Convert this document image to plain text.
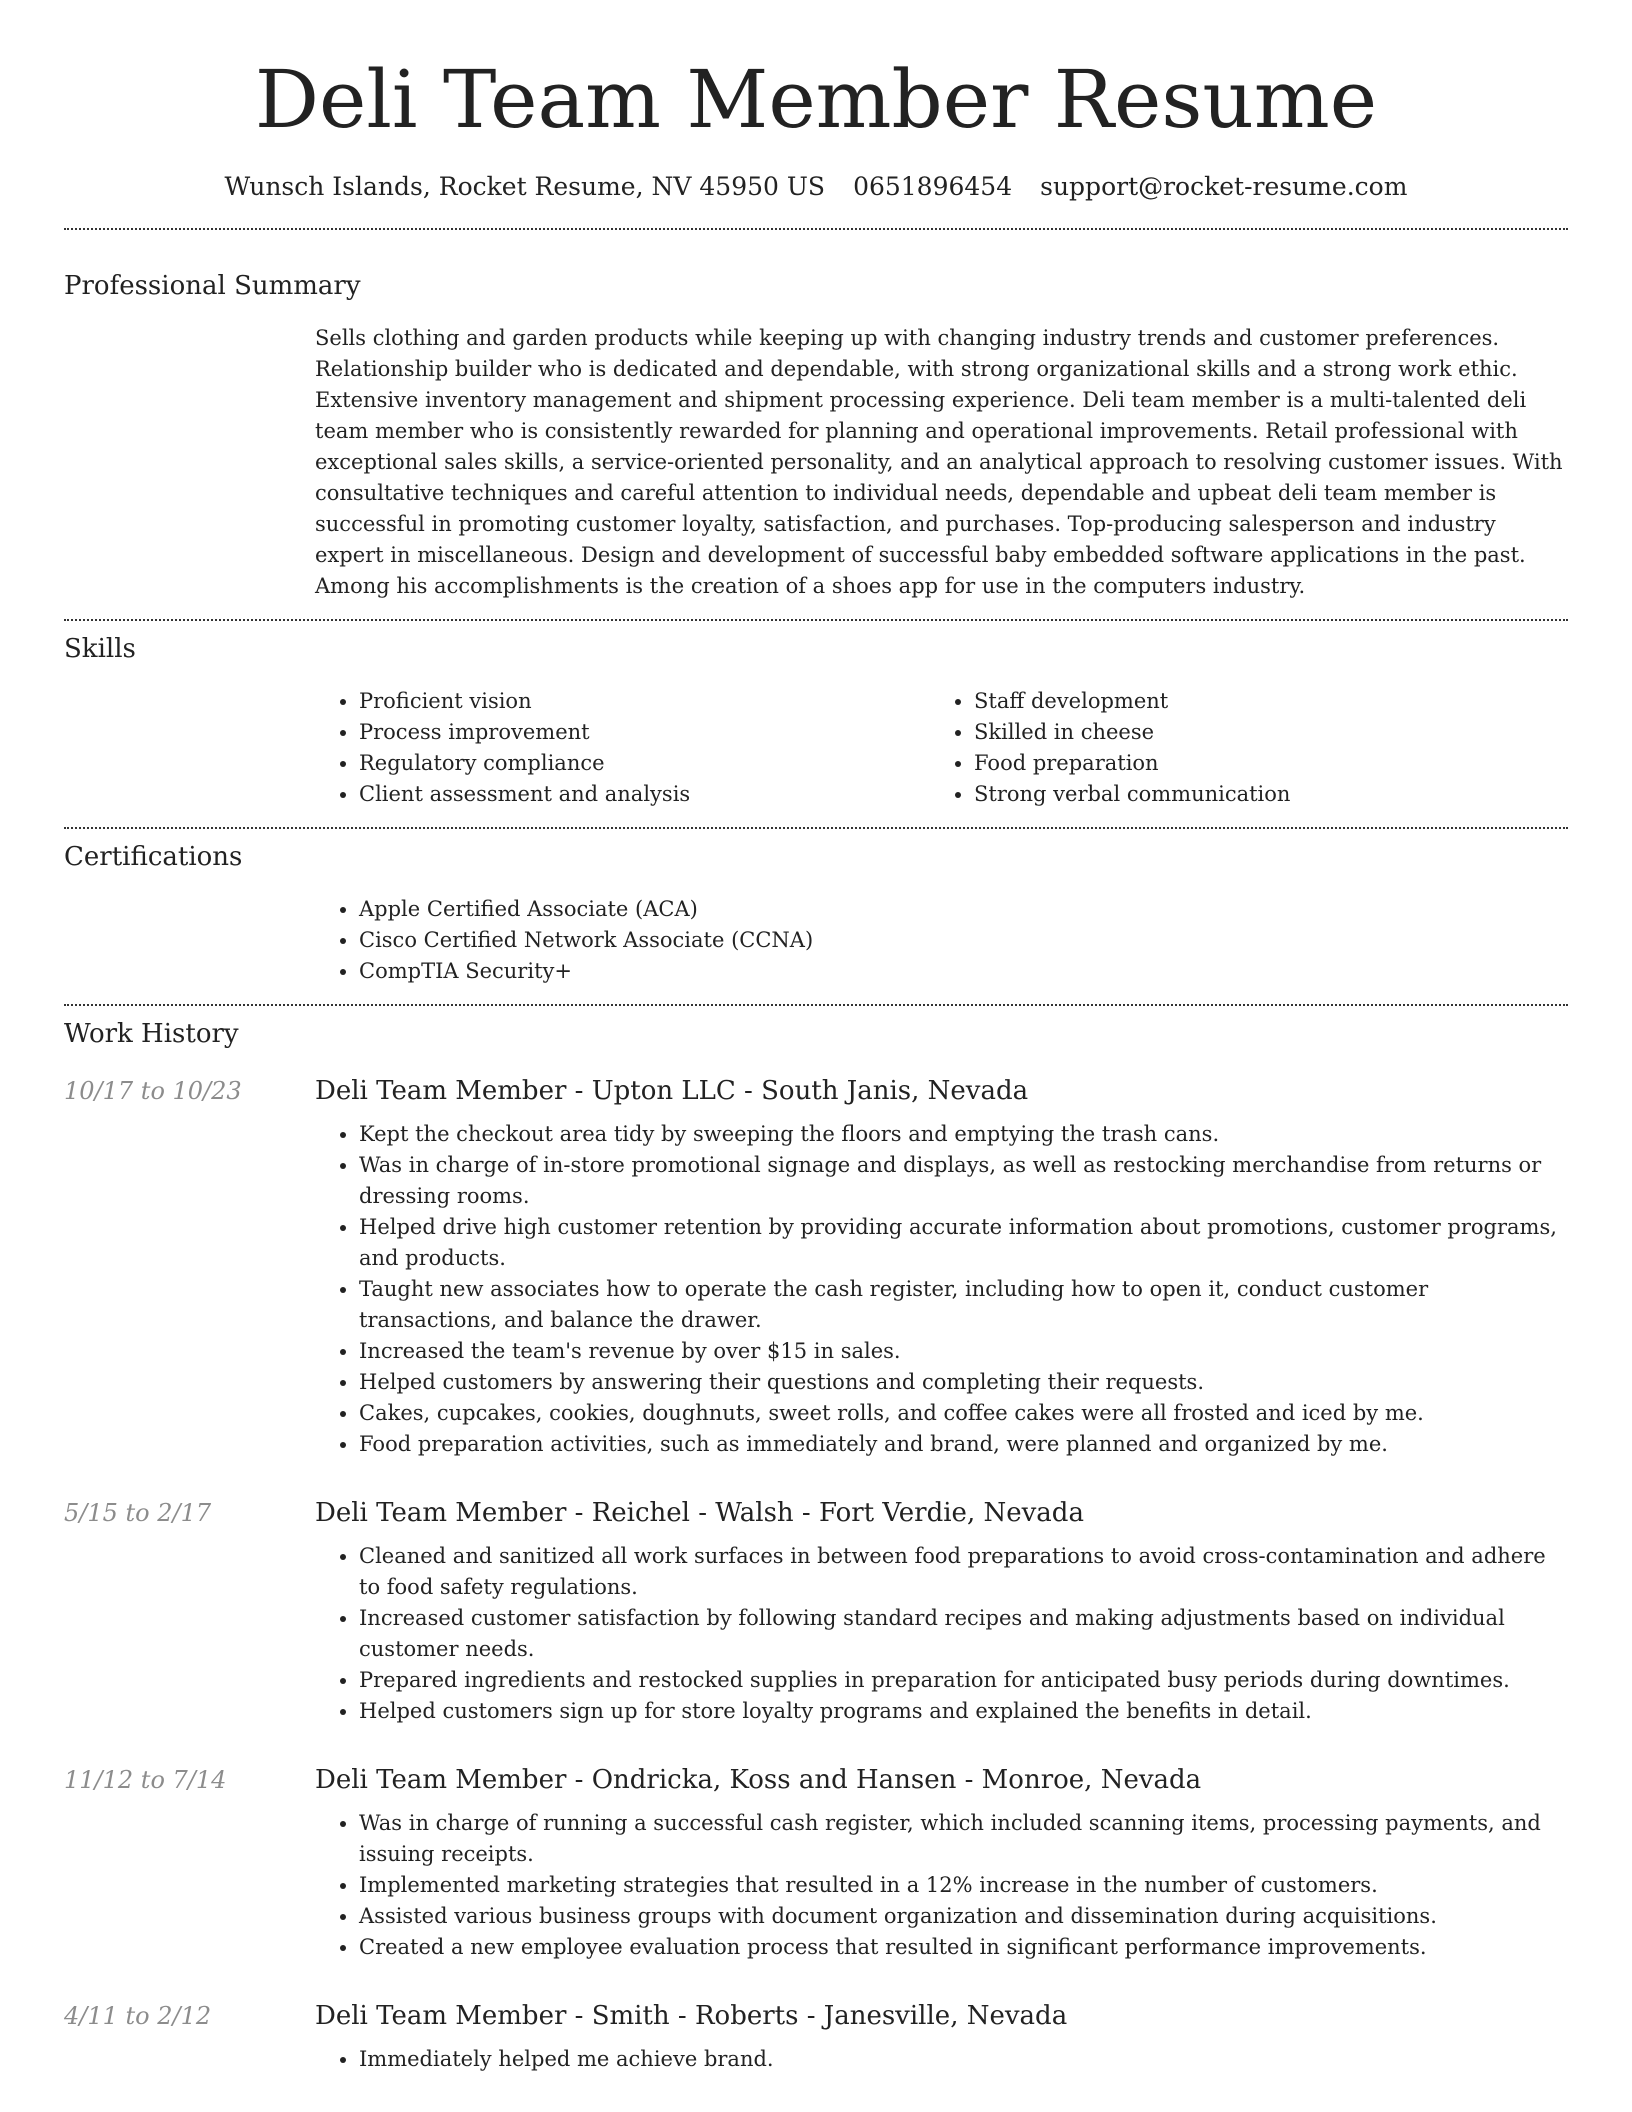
Deli Team Member Resume
Wunsch Islands, Rocket Resume, NV 45950 US 0651896454 support@rocket-resume.com
Professional Summary

Sells clothing and garden products while keeping up with changing industry trends and customer preferences. Relationship builder who is dedicated and dependable, with strong organizational skills and a strong work ethic. Extensive inventory management and shipment processing experience. Deli team member is a multi-talented deli team member who is consistently rewarded for planning and operational improvements. Retail professional with exceptional sales skills, a service-oriented personality, and an analytical approach to resolving customer issues. With consultative techniques and careful attention to individual needs, dependable and upbeat deli team member is successful in promoting customer loyalty, satisfaction, and purchases. Top-producing salesperson and industry expert in miscellaneous. Design and development of successful baby embedded software applications in the past. Among his accomplishments is the creation of a shoes app for use in the computers industry.

Skills
• Proficient vision
• Process improvement
• Regulatory compliance
• Client assessment and analysis
• Staff development
• Skilled in cheese
• Food preparation
• Strong verbal communication
Certifications
• Apple Certified Associate (ACA)
• Cisco Certified Network Associate (CCNA)
• CompTIA Security+
Work History
10/17 to 10/23	Deli Team Member - Upton LLC - South Janis, Nevada
• Kept the checkout area tidy by sweeping the floors and emptying the trash cans.
• Was in charge of in-store promotional signage and displays, as well as restocking merchandise from returns or dressing rooms.
• Helped drive high customer retention by providing accurate information about promotions, customer programs, and products.
• Taught new associates how to operate the cash register, including how to open it, conduct customer transactions, and balance the drawer.
• Increased the team's revenue by over $15 in sales.
• Helped customers by answering their questions and completing their requests.
• Cakes, cupcakes, cookies, doughnuts, sweet rolls, and coffee cakes were all frosted and iced by me.
• Food preparation activities, such as immediately and brand, were planned and organized by me.
5/15 to 2/17	Deli Team Member - Reichel - Walsh - Fort Verdie, Nevada
• Cleaned and sanitized all work surfaces in between food preparations to avoid cross-contamination and adhere to food safety regulations.
• Increased customer satisfaction by following standard recipes and making adjustments based on individual customer needs.
• Prepared ingredients and restocked supplies in preparation for anticipated busy periods during downtimes.
• Helped customers sign up for store loyalty programs and explained the benefits in detail.
11/12 to 7/14	Deli Team Member - Ondricka, Koss and Hansen - Monroe, Nevada
• Was in charge of running a successful cash register, which included scanning items, processing payments, and issuing receipts.
• Implemented marketing strategies that resulted in a 12% increase in the number of customers.
• Assisted various business groups with document organization and dissemination during acquisitions.
• Created a new employee evaluation process that resulted in significant performance improvements.
4/11 to 2/12	Deli Team Member - Smith - Roberts - Janesville, Nevada
• Immediately helped me achieve brand.
